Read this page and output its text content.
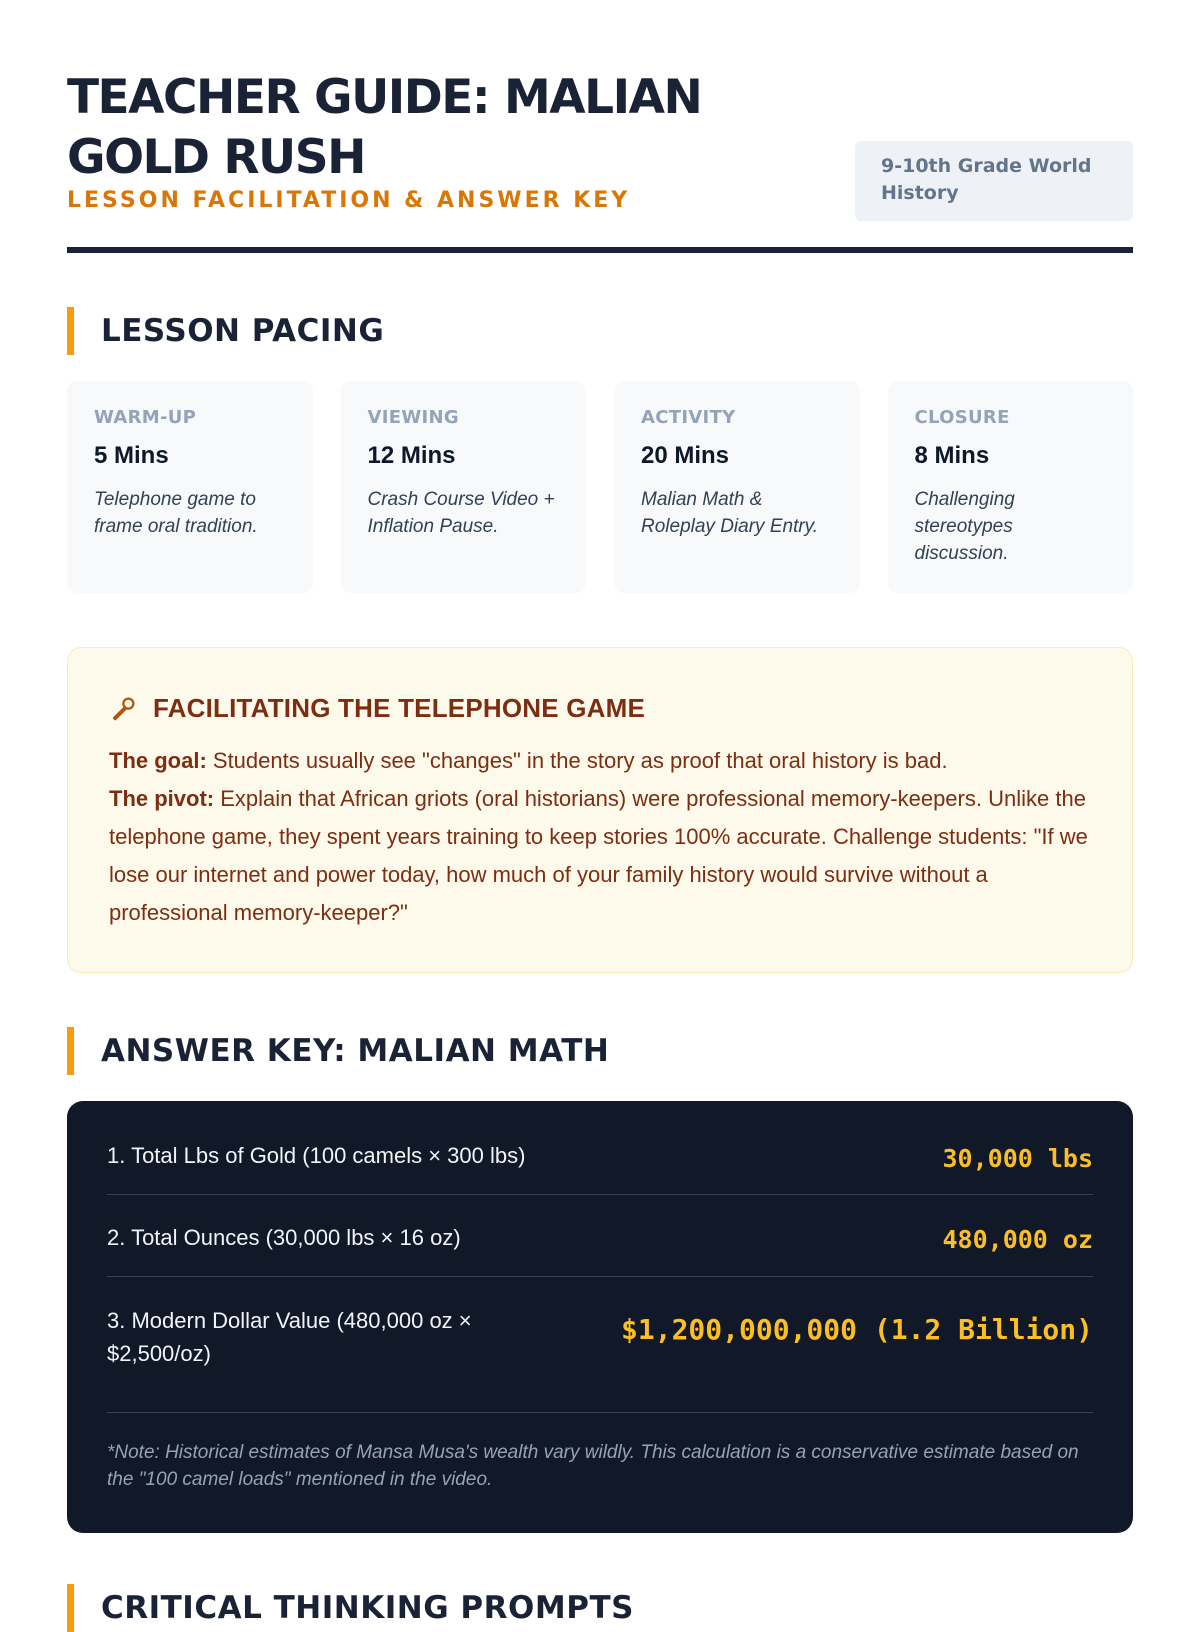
TEACHER GUIDE: MALIAN
GOLD RUSH
LESSON FACILITATION & ANSWER KEY
9-10th Grade World History
LESSON PACING
WARM-UP
5 Mins
Telephone game to frame oral tradition.
VIEWING
12 Mins
Crash Course Video + Inflation Pause.
ACTIVITY
20 Mins
Malian Math & Roleplay Diary Entry.
CLOSURE
8 Mins
Challenging stereotypes discussion.
FACILITATING THE TELEPHONE GAME
The goal: Students usually see "changes" in the story as proof that oral history is bad.
The pivot: Explain that African griots (oral historians) were professional memory-keepers. Unlike the telephone game, they spent years training to keep stories 100% accurate. Challenge students: "If we lose our internet and power today, how much of your family history would survive without a professional memory-keeper?"
ANSWER KEY: MALIAN MATH
1. Total Lbs of Gold (100 camels × 300 lbs)	30,000 lbs
2. Total Ounces (30,000 lbs × 16 oz)	480,000 oz
3. Modern Dollar Value (480,000 oz × $2,500/oz)
$1,200,000,000 (1.2 Billion)
*Note: Historical estimates of Mansa Musa's wealth vary wildly. This calculation is a conservative estimate based on the "100 camel loads" mentioned in the video.
CRITICAL THINKING PROMPTS
